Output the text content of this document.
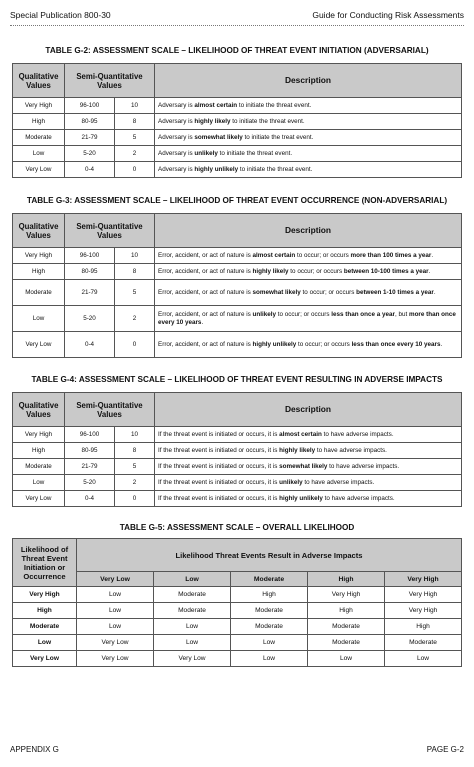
Special Publication 800-30	Guide for Conducting Risk Assessments
TABLE G-2: ASSESSMENT SCALE – LIKELIHOOD OF THREAT EVENT INITIATION (ADVERSARIAL)
Qualitative Values	Semi-Quantitative Values		Description
Very High	96-100	10	Adversary is almost certain to initiate the threat event.
High	80-95	8	Adversary is highly likely to initiate the threat event.
Moderate	21-79	5	Adversary is somewhat likely to initiate the treat event.
Low	5-20	2	Adversary is unlikely to initiate the threat event.
Very Low	0-4	0	Adversary is highly unlikely to initiate the threat event.
TABLE G-3: ASSESSMENT SCALE – LIKELIHOOD OF THREAT EVENT OCCURRENCE (NON-ADVERSARIAL)
Qualitative Values	Semi-Quantitative Values		Description
Very High	96-100	10	Error, accident, or act of nature is almost certain to occur; or occurs more than 100 times a year.
High	80-95	8	Error, accident, or act of nature is highly likely to occur; or occurs between 10-100 times a year.
Moderate	21-79	5	Error, accident, or act of nature is somewhat likely to occur; or occurs between 1-10 times a year.
Low	5-20	2	Error, accident, or act of nature is unlikely to occur; or occurs less than once a year, but more than once every 10 years.
Very Low	0-4	0	Error, accident, or act of nature is highly unlikely to occur; or occurs less than once every 10 years.
TABLE G-4: ASSESSMENT SCALE – LIKELIHOOD OF THREAT EVENT RESULTING IN ADVERSE IMPACTS
Qualitative Values	Semi-Quantitative Values		Description
Very High	96-100	10	If the threat event is initiated or occurs, it is almost certain to have adverse impacts.
High	80-95	8	If the threat event is initiated or occurs, it is highly likely to have adverse impacts.
Moderate	21-79	5	If the threat event is initiated or occurs, it is somewhat likely to have adverse impacts.
Low	5-20	2	If the threat event is initiated or occurs, it is unlikely to have adverse impacts.
Very Low	0-4	0	If the threat event is initiated or occurs, it is highly unlikely to have adverse impacts.
TABLE G-5: ASSESSMENT SCALE – OVERALL LIKELIHOOD
Likelihood of Threat Event Initiation or Occurrence	Likelihood Threat Events Result in Adverse Impacts				
	Very Low	Low	Moderate	High	Very High
Very High	Low	Moderate	High	Very High	Very High
High	Low	Moderate	Moderate	High	Very High
Moderate	Low	Low	Moderate	Moderate	High
Low	Very Low	Low	Low	Moderate	Moderate
Very Low	Very Low	Very Low	Low	Low	Low
APPENDIX G	PAGE G-2
